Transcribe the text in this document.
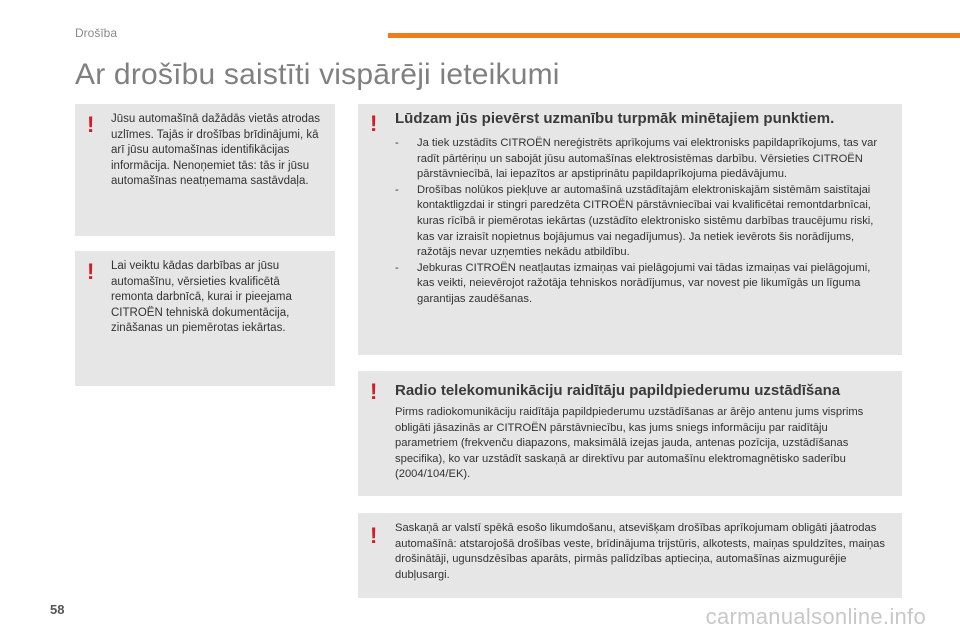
Drošība
Ar drošību saistīti vispārēji ieteikumi
! Jūsu automašīnā dažādās vietās atrodas uzlīmes. Tajās ir drošības brīdinājumi, kā arī jūsu automašīnas identifikācijas informācija. Nenoņemiet tās: tās ir jūsu automašīnas neatņemama sastāvdaļa.

! Lai veiktu kādas darbības ar jūsu automašīnu, vērsieties kvalificētā remonta darbnīcā, kurai ir pieejama CITROËN tehniskā dokumentācija, zināšanas un piemērotas iekārtas.

! Lūdzam jūs pievērst uzmanību turpmāk minētajiem punktiem.
- Ja tiek uzstādīts CITROËN nereģistrēts aprīkojums vai elektronisks papildaprīkojums, tas var radīt pārtēriņu un sabojāt jūsu automašīnas elektrosistēmas darbību. Vērsieties CITROËN pārstāvniecībā, lai iepazītos ar apstiprinātu papildaprīkojuma piedāvājumu.
- Drošības nolūkos piekļuve ar automašīnā uzstādītajām elektroniskajām sistēmām saistītajai kontaktligzdai ir stingri paredzēta CITROËN pārstāvniecībai vai kvalificētai remontdarbnīcai, kuras rīcībā ir piemērotas iekārtas (uzstādīto elektronisko sistēmu darbības traucējumu riski, kas var izraisīt nopietnus bojājumus vai negadījumus). Ja netiek ievērots šis norādījums, ražotājs nevar uzņemties nekādu atbildību.
- Jebkuras CITROËN neatļautas izmaiņas vai pielāgojumi vai tādas izmaiņas vai pielāgojumi, kas veikti, neievērojot ražotāja tehniskos norādījumus, var novest pie likumīgās un līguma garantijas zaudēšanas.
! Radio telekomunikāciju raidītāju papildpiederumu uzstādīšana

Pirms radiokomunikāciju raidītāja papildpiederumu uzstādīšanas ar ārējo antenu jums visprims obligāti jāsazinās ar CITROËN pārstāvniecību, kas jums sniegs informāciju par raidītāju parametriem (frekvenču diapazons, maksimālā izejas jauda, antenas pozīcija, uzstādīšanas specifika), ko var uzstādīt saskaņā ar direktīvu par automašīnu elektromagnētisko saderību (2004/104/EK).

! Saskaņā ar valstī spēkā esošo likumdošanu, atsevišķam drošības aprīkojumam obligāti jāatrodas automašīnā: atstarojošā drošības veste, brīdinājuma trijstūris, alkotests, maiņas spuldzītes, maiņas drošinātāji, ugunsdzēsības aparāts, pirmās palīdzības aptieciņa, automašīnas aizmugurējie dubļusargi.

58	carmanualsonline.info
